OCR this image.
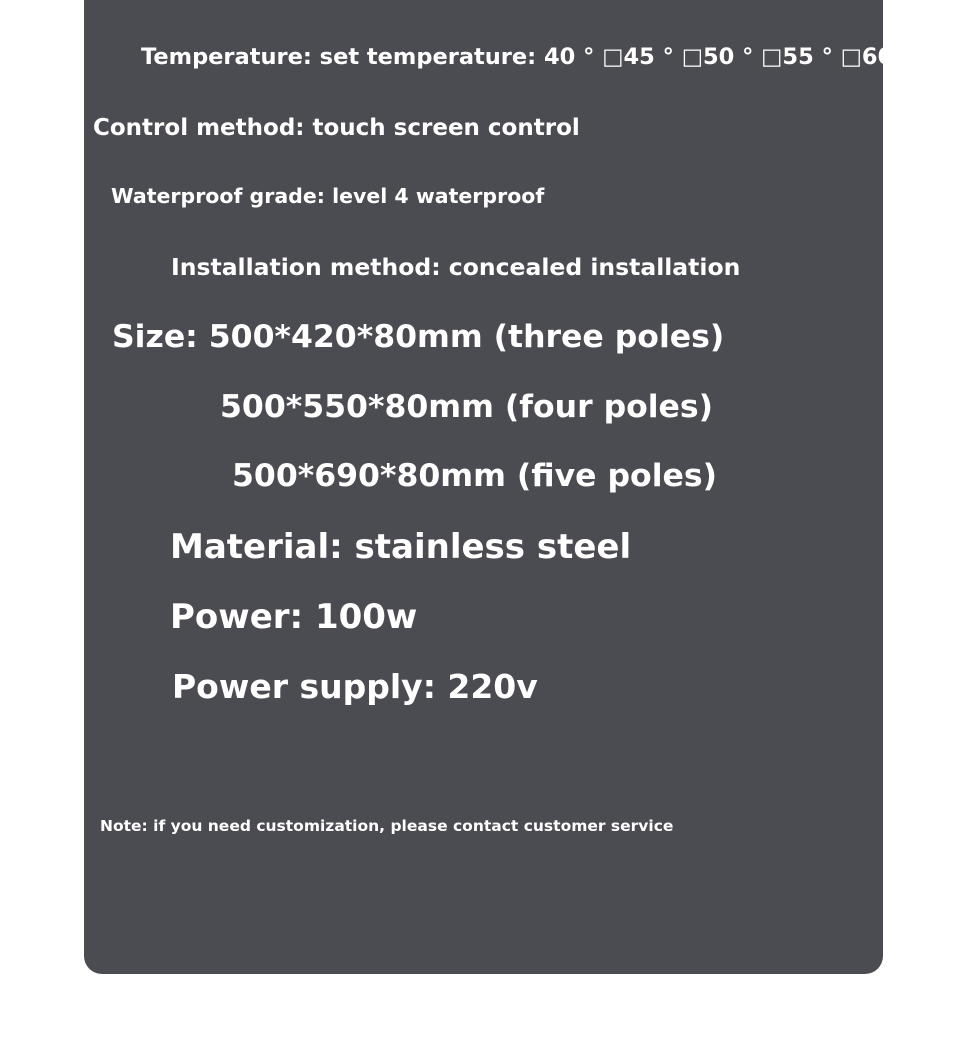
Temperature: set temperature: 40 ° □45 ° □50 ° □55 ° □60 °
Control method: touch screen control
Waterproof grade: level 4 waterproof
Installation method: concealed installation
Size: 500*420*80mm (three poles)
500*550*80mm (four poles)
500*690*80mm (five poles)
Material: stainless steel
Power: 100w
Power supply: 220v
Note: if you need customization, please contact customer service
